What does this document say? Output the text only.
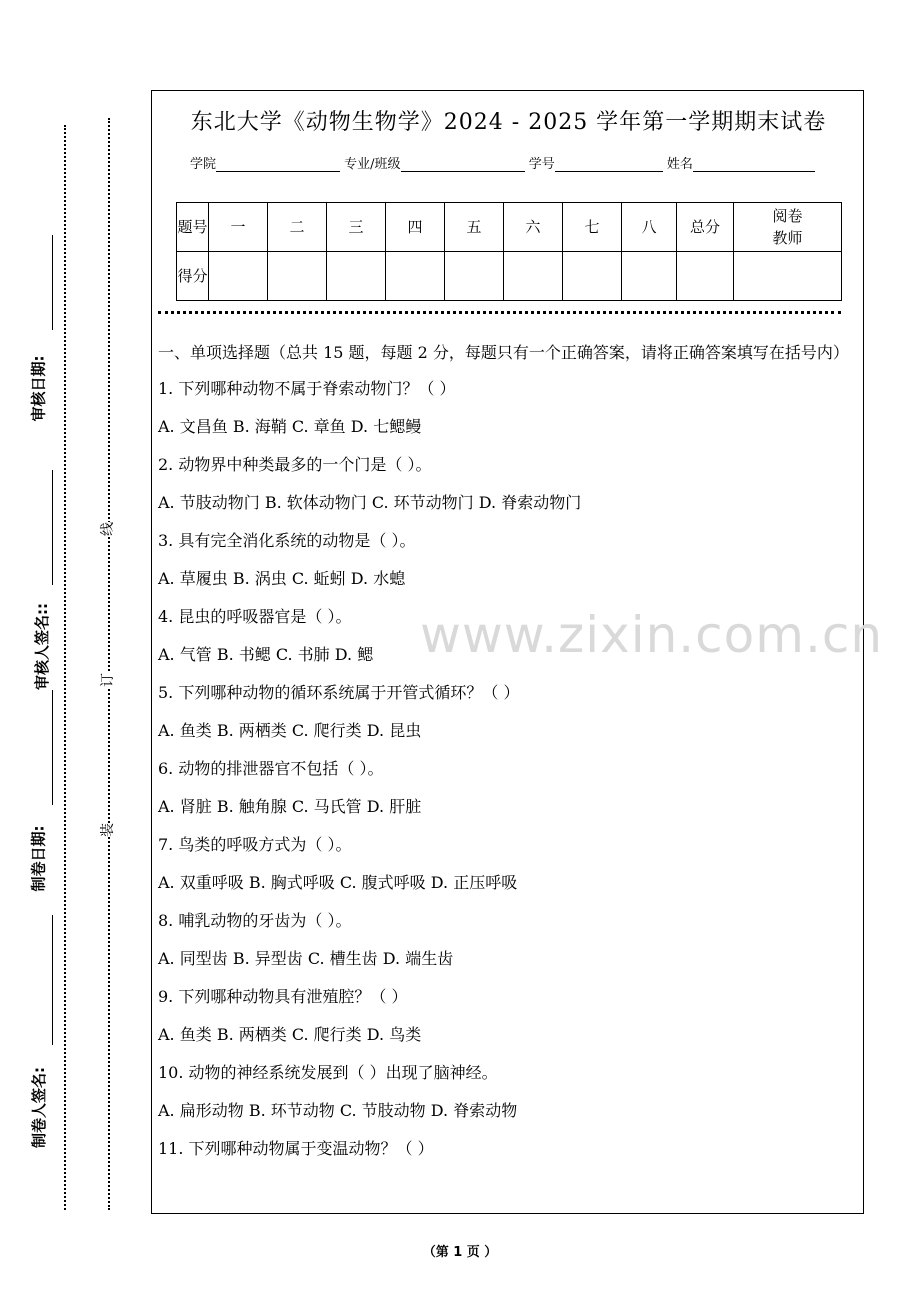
审核日期:
审核人签名::
制卷日期:
制卷人签名:
线
订
装
东北大学《动物生物学》2024 - 2025 学年第一学期期末试卷
学院	专业/班级	学号	姓名
题号	一	二	三	四	五	六	七	八	总分	阅卷教师
得分										
一、单项选择题（总共 15 题，每题 2 分，每题只有一个正确答案，请将正确答案填写在括号内）
1. 下列哪种动物不属于脊索动物门？（ ）
A. 文昌鱼 B. 海鞘 C. 章鱼 D. 七鳃鳗
2. 动物界中种类最多的一个门是（ ）。
A. 节肢动物门 B. 软体动物门 C. 环节动物门 D. 脊索动物门
3. 具有完全消化系统的动物是（ ）。
A. 草履虫 B. 涡虫 C. 蚯蚓 D. 水螅
4. 昆虫的呼吸器官是（ ）。
A. 气管 B. 书鳃 C. 书肺 D. 鳃
5. 下列哪种动物的循环系统属于开管式循环？（ ）
A. 鱼类 B. 两栖类 C. 爬行类 D. 昆虫
6. 动物的排泄器官不包括（ ）。
A. 肾脏 B. 触角腺 C. 马氏管 D. 肝脏
7. 鸟类的呼吸方式为（ ）。
A. 双重呼吸 B. 胸式呼吸 C. 腹式呼吸 D. 正压呼吸
8. 哺乳动物的牙齿为（ ）。
A. 同型齿 B. 异型齿 C. 槽生齿 D. 端生齿
9. 下列哪种动物具有泄殖腔？（ ）
A. 鱼类 B. 两栖类 C. 爬行类 D. 鸟类
10. 动物的神经系统发展到（ ）出现了脑神经。
A. 扁形动物 B. 环节动物 C. 节肢动物 D. 脊索动物
11. 下列哪种动物属于变温动物？（ ）
www.zixin.com.cn
（第 1 页 ）
